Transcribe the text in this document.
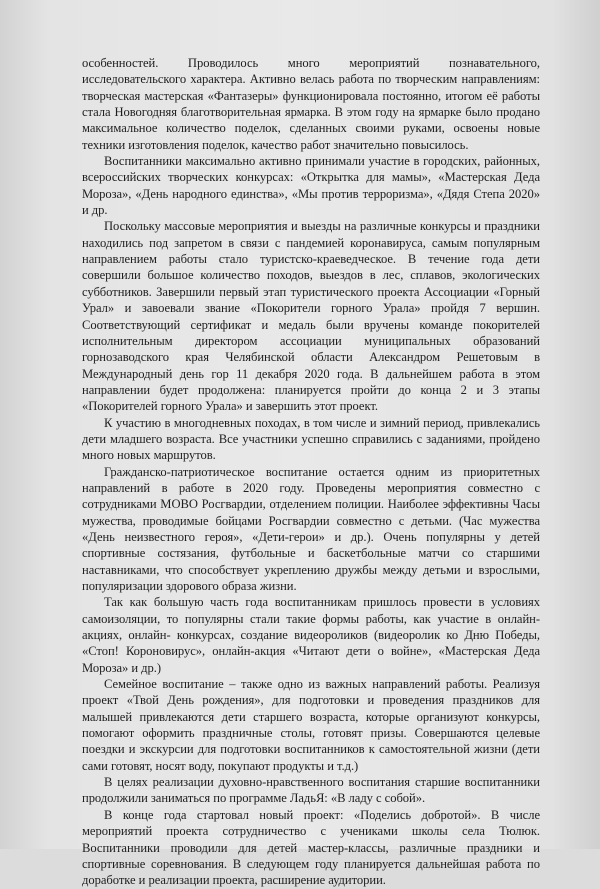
особенностей. Проводилось много мероприятий познавательного, исследовательского характера. Активно велась работа по творческим направлениям: творческая мастерская «Фантазеры» функционировала постоянно, итогом её работы стала Новогодняя благотворительная ярмарка. В этом году на ярмарке было продано максимальное количество поделок, сделанных своими руками, освоены новые техники изготовления поделок, качество работ значительно повысилось.

Воспитанники максимально активно принимали участие в городских, районных, всероссийских творческих конкурсах: «Открытка для мамы», «Мастерская Деда Мороза», «День народного единства», «Мы против терроризма», «Дядя Степа 2020» и др.

Поскольку массовые мероприятия и выезды на различные конкурсы и праздники находились под запретом в связи с пандемией коронавируса, самым популярным направлением работы стало туристско-краеведческое. В течение года дети совершили большое количество походов, выездов в лес, сплавов, экологических субботников. Завершили первый этап туристического проекта Ассоциации «Горный Урал» и завоевали звание «Покорители горного Урала» пройдя 7 вершин. Соответствующий сертификат и медаль были вручены команде покорителей исполнительным директором ассоциации муниципальных образований горнозаводского края Челябинской области Александром Решетовым в Международный день гор 11 декабря 2020 года. В дальнейшем работа в этом направлении будет продолжена: планируется пройти до конца 2 и 3 этапы «Покорителей горного Урала» и завершить этот проект.

К участию в многодневных походах, в том числе и зимний период, привлекались дети младшего возраста. Все участники успешно справились с заданиями, пройдено много новых маршрутов.

Гражданско-патриотическое воспитание остается одним из приоритетных направлений в работе в 2020 году. Проведены мероприятия совместно с сотрудниками МОВО Росгвардии, отделением полиции. Наиболее эффективны Часы мужества, проводимые бойцами Росгвардии совместно с детьми. (Час мужества «День неизвестного героя», «Дети-герои» и др.). Очень популярны у детей спортивные состязания, футбольные и баскетбольные матчи со старшими наставниками, что способствует укреплению дружбы между детьми и взрослыми, популяризации здорового образа жизни.

Так как большую часть года воспитанникам пришлось провести в условиях самоизоляции, то популярны стали такие формы работы, как участие в онлайн-акциях, онлайн- конкурсах, создание видеороликов (видеоролик ко Дню Победы, «Стоп! Короновирус», онлайн-акция «Читают дети о войне», «Мастерская Деда Мороза» и др.)

Семейное воспитание – также одно из важных направлений работы. Реализуя проект «Твой День рождения», для подготовки и проведения праздников для малышей привлекаются дети старшего возраста, которые организуют конкурсы, помогают оформить праздничные столы, готовят призы. Совершаются целевые поездки и экскурсии для подготовки воспитанников к самостоятельной жизни (дети сами готовят, носят воду, покупают продукты и т.д.)

В целях реализации духовно-нравственного воспитания старшие воспитанники продолжили заниматься по программе ЛадьЯ: «В ладу с собой».

В конце года стартовал новый проект: «Поделись добротой». В числе мероприятий проекта сотрудничество с учениками школы села Тюлюк. Воспитанники проводили для детей мастер-классы, различные праздники и спортивные соревнования. В следующем году планируется дальнейшая работа по доработке и реализации проекта, расширение аудитории.
